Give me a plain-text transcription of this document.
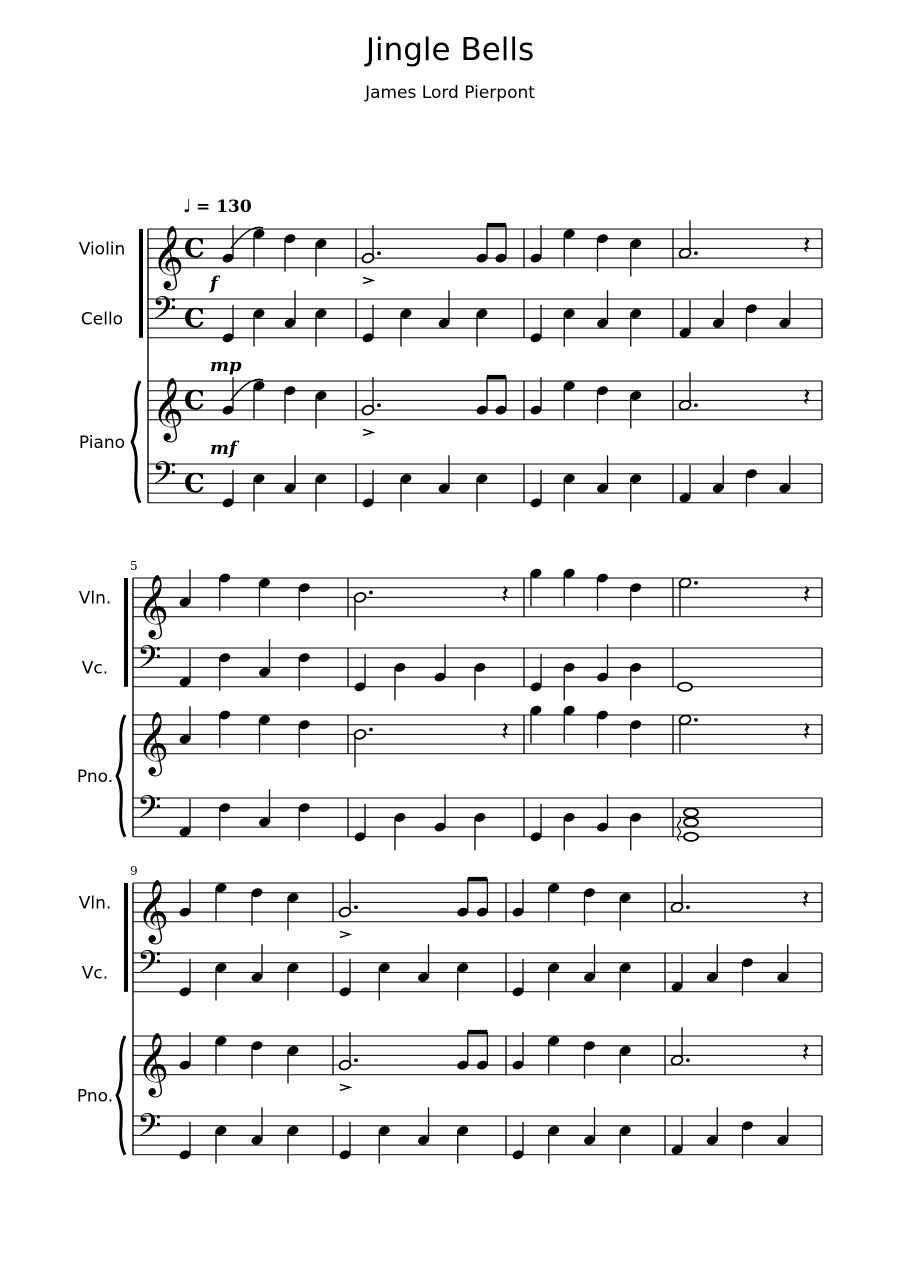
Jingle Bells
James Lord Pierpont
Violin
Cello
Piano
𝄞 C	𝄽
𝄢 C
f
𝄞 C	𝄽
mp
𝄢 C
mf
♩ = 130
Vln.
Vc.
Pno.
5
𝄞	𝄽	𝄽
𝄢
𝄞	𝄽	𝄽
𝄢
Vln.
Vc.
Pno.
9
𝄞	𝄽
𝄢
𝄞	𝄽
𝄢
